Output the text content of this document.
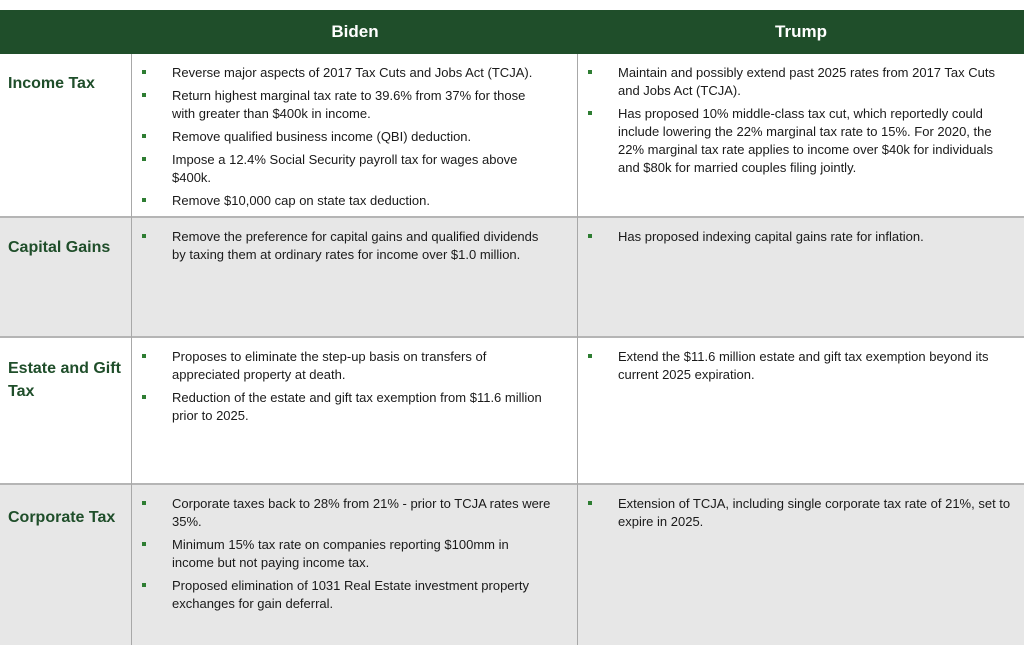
Biden	Trump
Income Tax
Reverse major aspects of 2017 Tax Cuts and Jobs Act (TCJA).
Return highest marginal tax rate to 39.6% from 37% for those with greater than $400k in income.
Remove qualified business income (QBI) deduction.
Impose a 12.4% Social Security payroll tax for wages above $400k.
Remove $10,000 cap on state tax deduction.
Maintain and possibly extend past 2025 rates from 2017 Tax Cuts and Jobs Act (TCJA).
Has proposed 10% middle-class tax cut, which reportedly could include lowering the 22% marginal tax rate to 15%. For 2020, the 22% marginal tax rate applies to income over $40k for individuals and $80k for married couples filing jointly.
Capital Gains
Remove the preference for capital gains and qualified dividends by taxing them at ordinary rates for income over $1.0 million.
Has proposed indexing capital gains rate for inflation.
Estate and Gift Tax
Proposes to eliminate the step-up basis on transfers of appreciated property at death.
Reduction of the estate and gift tax exemption from $11.6 million prior to 2025.
Extend the $11.6 million estate and gift tax exemption beyond its current 2025 expiration.
Corporate Tax
Corporate taxes back to 28% from 21% - prior to TCJA rates were 35%.
Minimum 15% tax rate on companies reporting $100mm in income but not paying income tax.
Proposed elimination of 1031 Real Estate investment property exchanges for gain deferral.
Extension of TCJA, including single corporate tax rate of 21%, set to expire in 2025.
